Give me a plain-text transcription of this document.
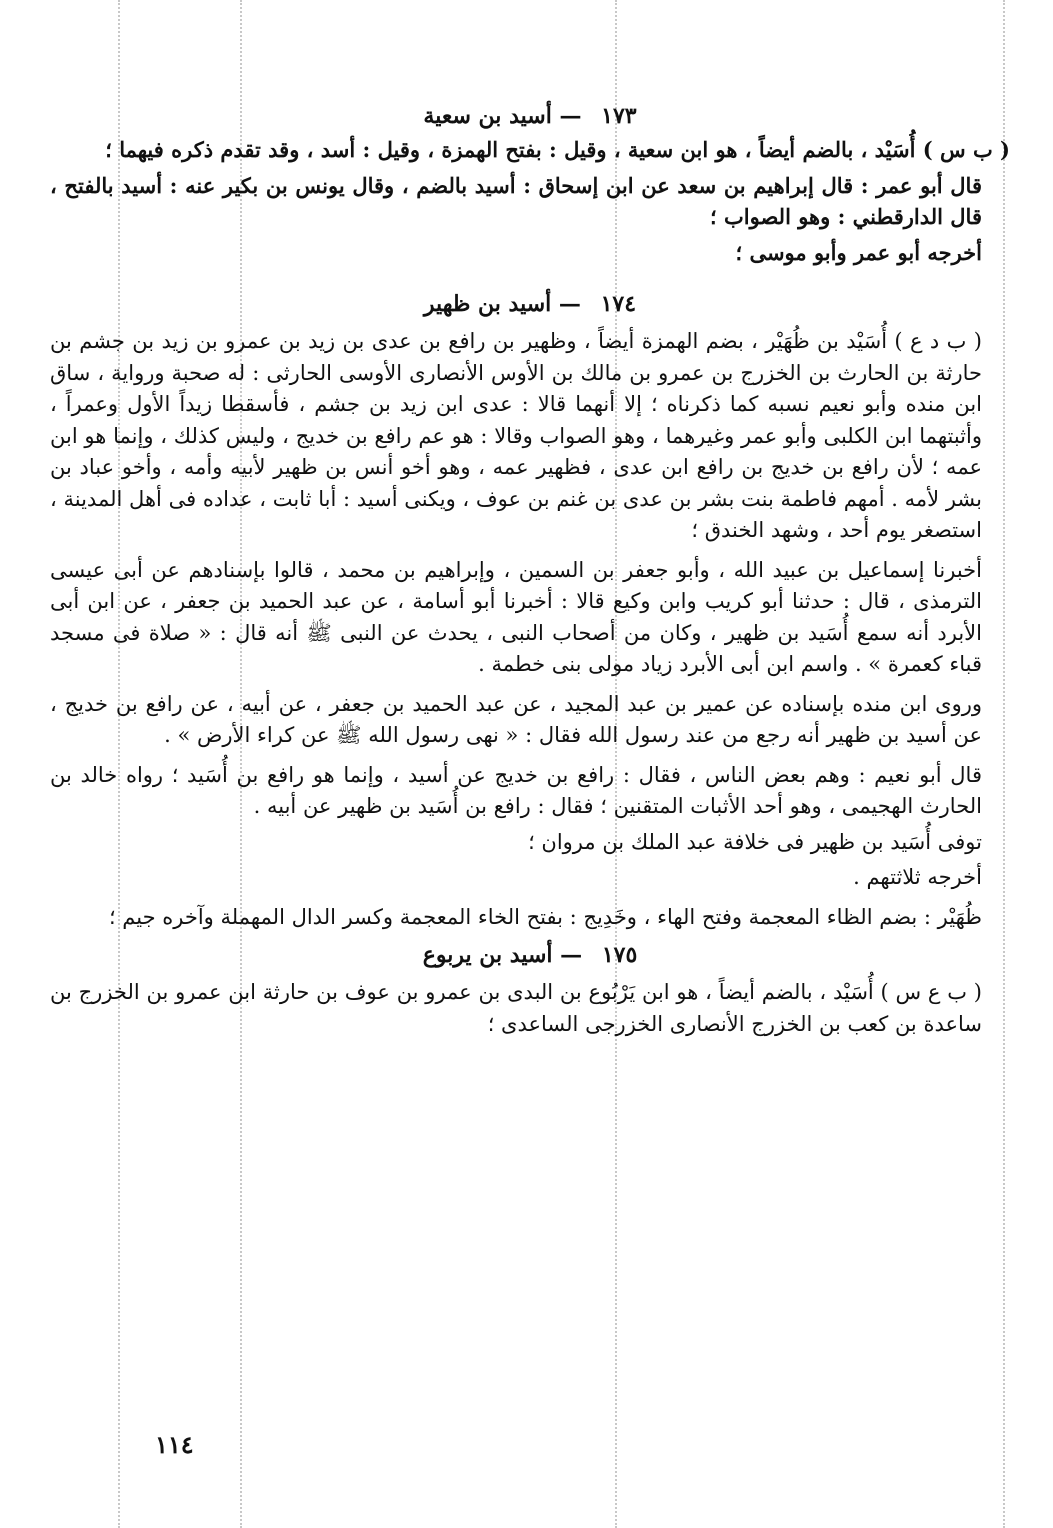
١٧٣ — أسيد بن سعية

( ب س ) أُسَيْد ، بالضم أيضاً ، هو ابن سعية ، وقيل : بفتح الهمزة ، وقيل : أسد ، وقد تقدم ذكره فيهما ؛

قال أبو عمر : قال إبراهيم بن سعد عن ابن إسحاق : أسيد بالضم ، وقال يونس بن بكير عنه : أسيد بالفتح ، قال الدارقطني : وهو الصواب ؛

أخرجه أبو عمر وأبو موسى ؛

١٧٤ — أسيد بن ظهير

( ب د ع ) أُسَيْد بن ظُهَيْر ، بضم الهمزة أيضاً ، وظهير بن رافع بن عدى بن زيد بن عمرو بن زيد بن جشم بن حارثة بن الحارث بن الخزرج بن عمرو بن مالك بن الأوس الأنصارى الأوسى الحارثى : له صحبة ورواية ، ساق ابن منده وأبو نعيم نسبه كما ذكرناه ؛ إلا أنهما قالا : عدى ابن زيد بن جشم ، فأسقطا زيداً الأول وعمراً ، وأثبتهما ابن الكلبى وأبو عمر وغيرهما ، وهو الصواب وقالا : هو عم رافع بن خديج ، وليس كذلك ، وإنما هو ابن عمه ؛ لأن رافع بن خديج بن رافع ابن عدى ، فظهير عمه ، وهو أخو أنس بن ظهير لأبيه وأمه ، وأخو عباد بن بشر لأمه . أمهم فاطمة بنت بشر بن عدى بن غنم بن عوف ، ويكنى أسيد : أبا ثابت ، عداده فى أهل المدينة ، استصغر يوم أحد ، وشهد الخندق ؛

أخبرنا إسماعيل بن عبيد الله ، وأبو جعفر بن السمين ، وإبراهيم بن محمد ، قالوا بإسنادهم عن أبى عيسى الترمذى ، قال : حدثنا أبو كريب وابن وكيع قالا : أخبرنا أبو أسامة ، عن عبد الحميد بن جعفر ، عن ابن أبى الأبرد أنه سمع أُسَيد بن ظهير ، وكان من أصحاب النبى ، يحدث عن النبى ﷺ أنه قال : « صلاة فى مسجد قباء كعمرة » . واسم ابن أبى الأبرد زياد مولى بنى خطمة .

وروى ابن منده بإسناده عن عمير بن عبد المجيد ، عن عبد الحميد بن جعفر ، عن أبيه ، عن رافع بن خديج ، عن أسيد بن ظهير أنه رجع من عند رسول الله فقال : « نهى رسول الله ﷺ عن كراء الأرض » .

قال أبو نعيم : وهم بعض الناس ، فقال : رافع بن خديج عن أسيد ، وإنما هو رافع بن أُسَيد ؛ رواه خالد بن الحارث الهجيمى ، وهو أحد الأثبات المتقنين ؛ فقال : رافع بن أُسَيد بن ظهير عن أبيه .

توفى أُسَيد بن ظهير فى خلافة عبد الملك بن مروان ؛

أخرجه ثلاثتهم .

ظُهَيْر : بضم الظاء المعجمة وفتح الهاء ، وخَدِيج : بفتح الخاء المعجمة وكسر الدال المهملة وآخره جيم ؛

١٧٥ — أسيد بن يربوع

( ب ع س ) أُسَيْد ، بالضم أيضاً ، هو ابن يَرْبُوع بن البدى بن عمرو بن عوف بن حارثة ابن عمرو بن الخزرج بن ساعدة بن كعب بن الخزرج الأنصارى الخزرجى الساعدى ؛

١١٤
